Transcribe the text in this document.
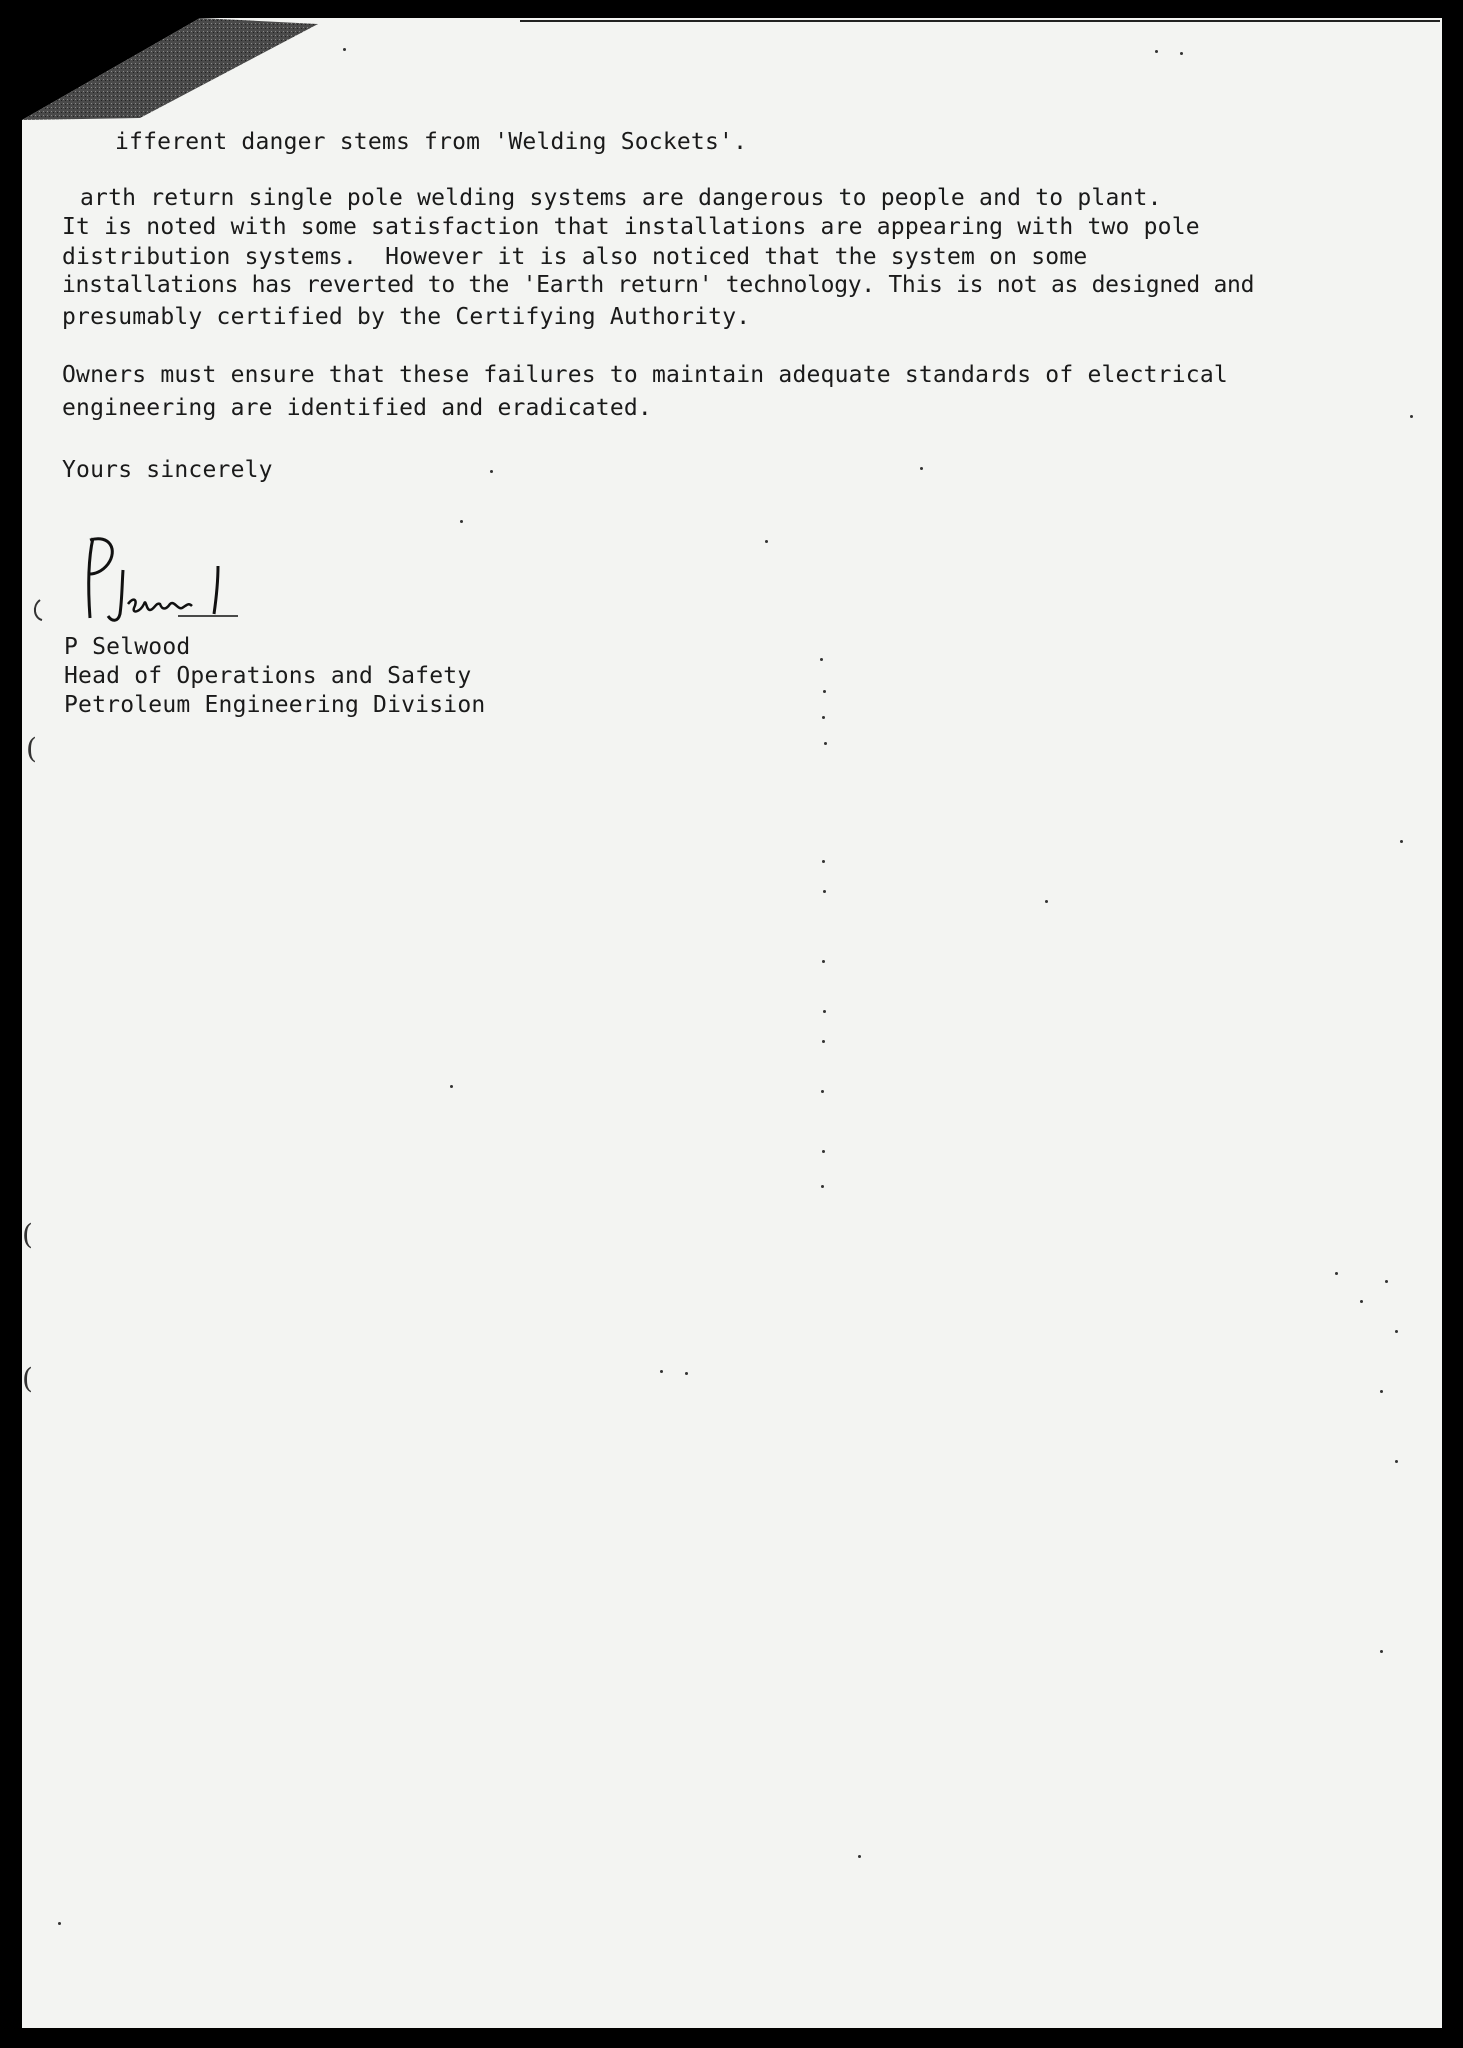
ifferent danger stems from 'Welding Sockets'.
arth return single pole welding systems are dangerous to people and to plant.
It is noted with some satisfaction that installations are appearing with two pole
distribution systems.  However it is also noticed that the system on some
installations has reverted to the 'Earth return' technology. This is not as designed and
presumably certified by the Certifying Authority.
Owners must ensure that these failures to maintain adequate standards of electrical
engineering are identified and eradicated.
Yours sincerely
P Selwood
Head of Operations and Safety
Petroleum Engineering Division
(
(
(
